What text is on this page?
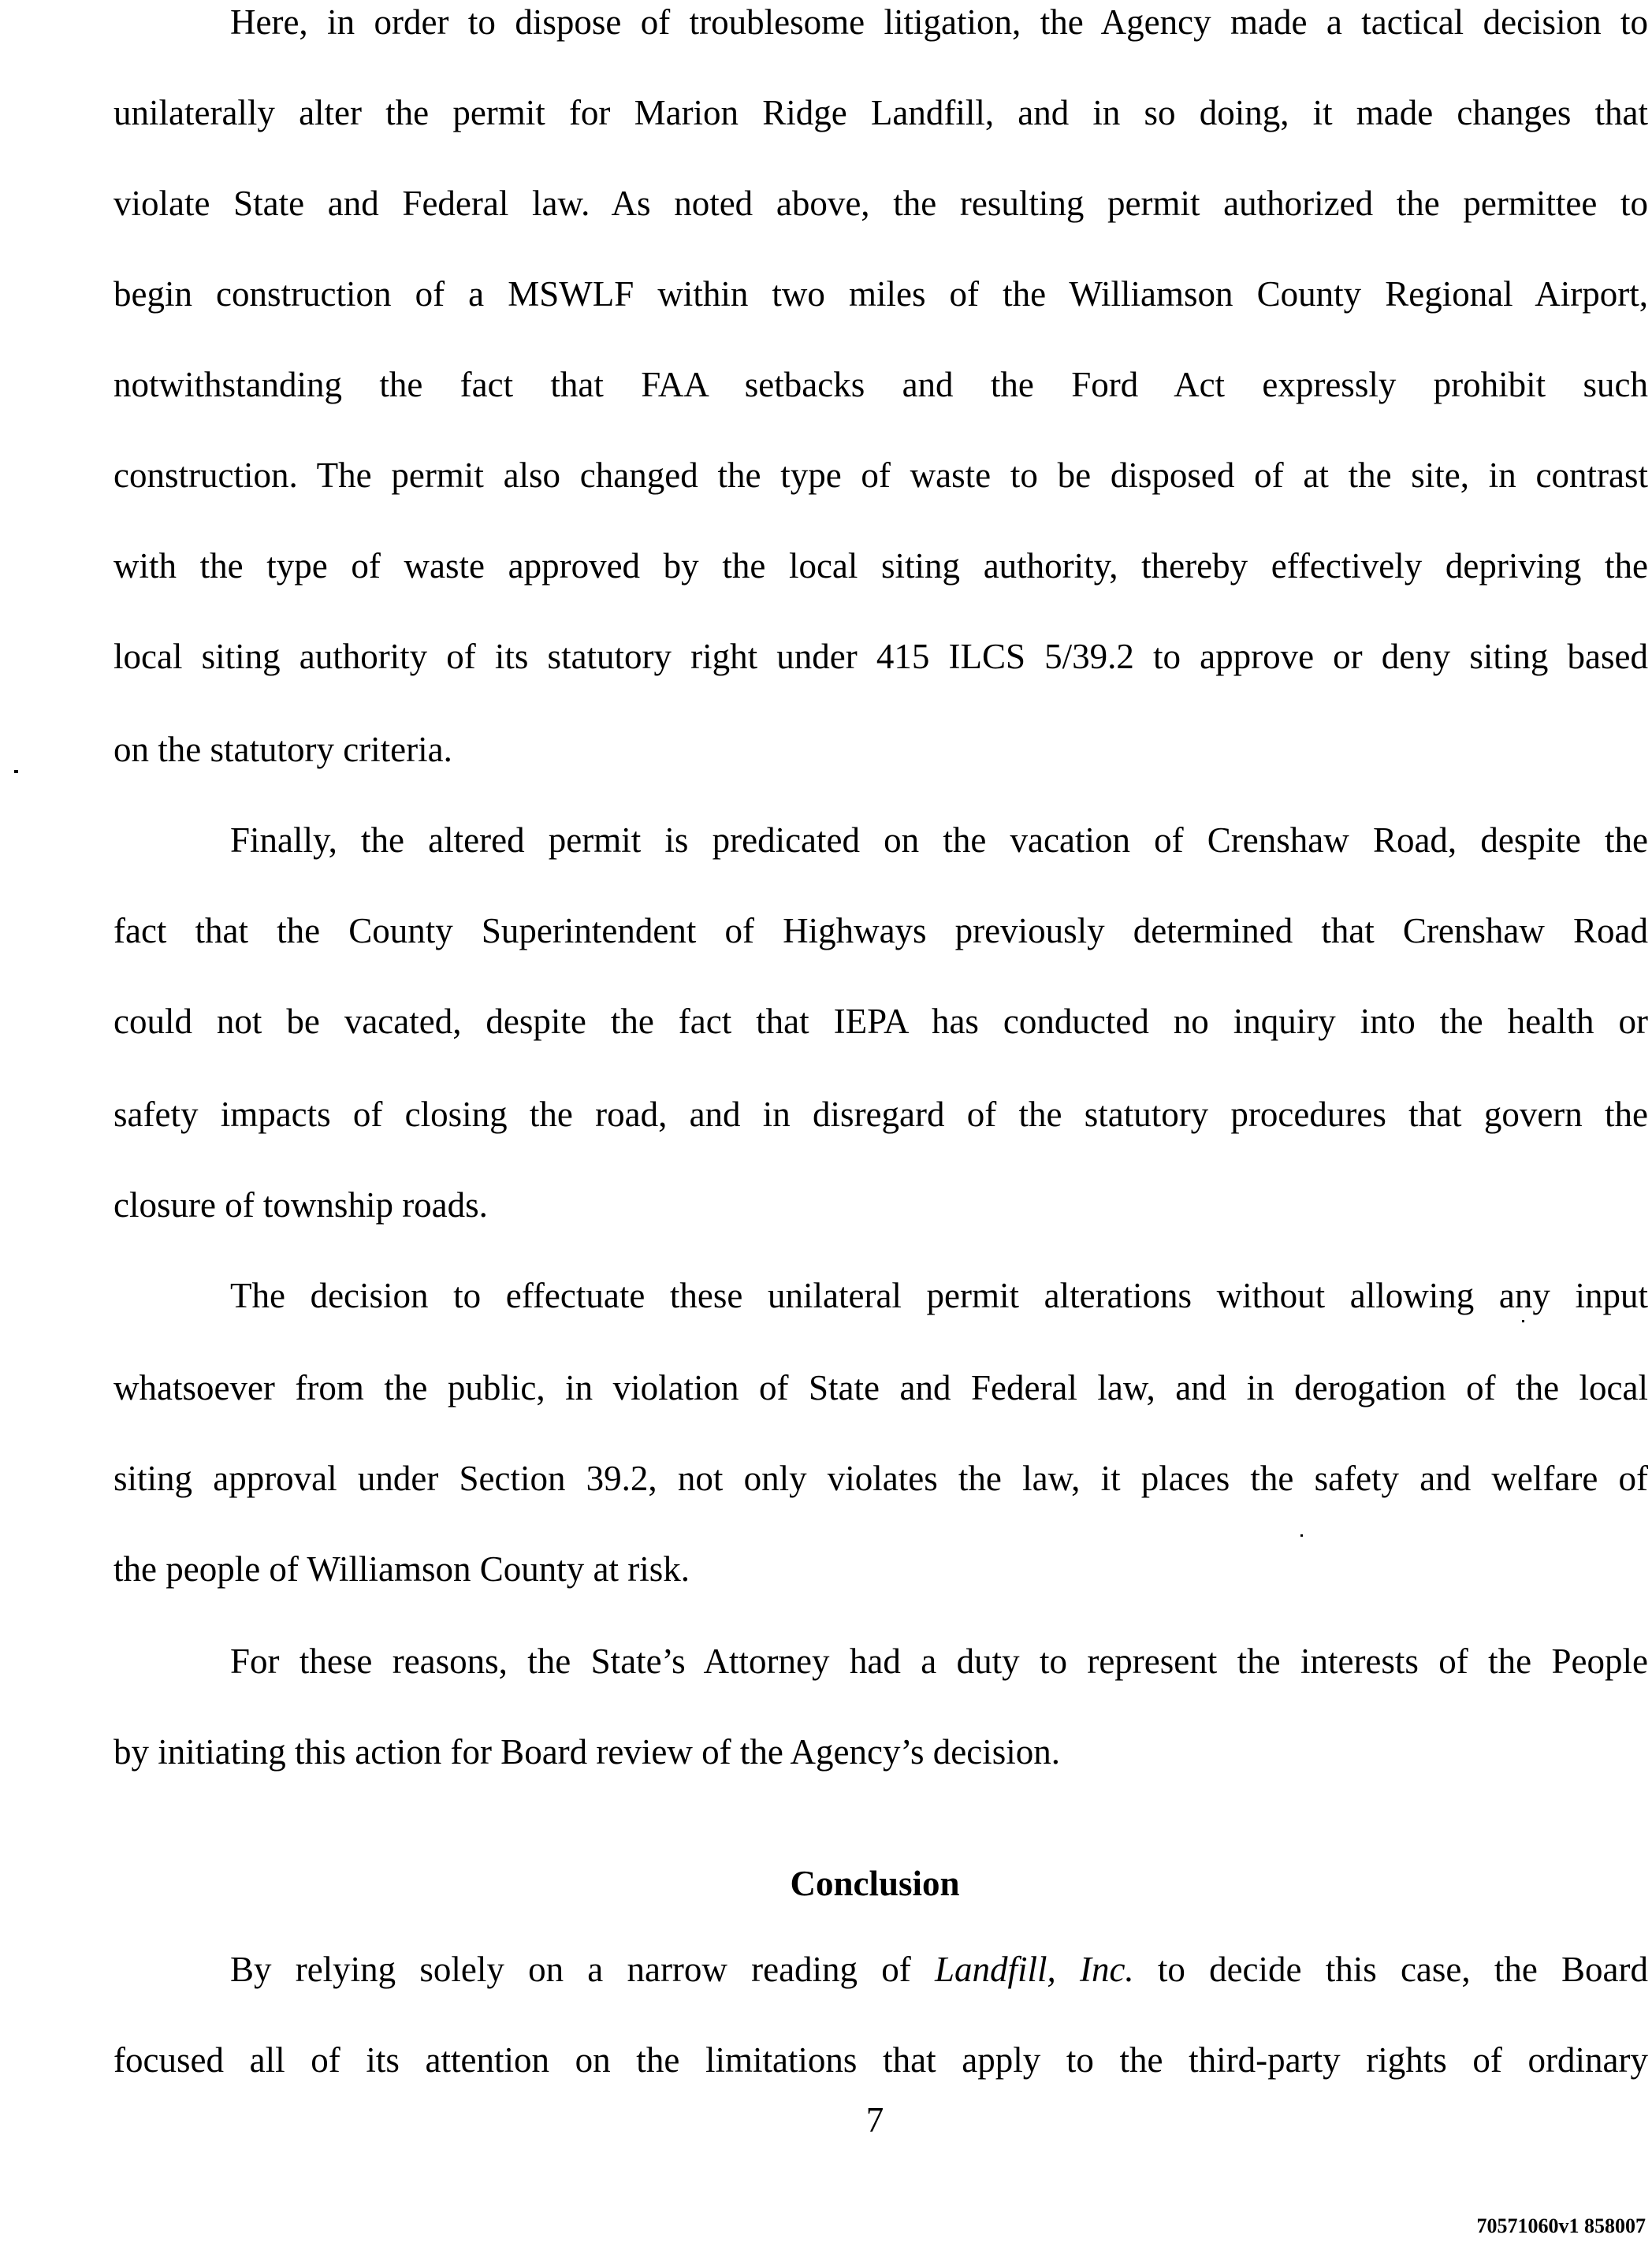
Here, in order to dispose of troublesome litigation, the Agency made a tactical decision to
unilaterally alter the permit for Marion Ridge Landfill, and in so doing, it made changes that
violate State and Federal law. As noted above, the resulting permit authorized the permittee to
begin construction of a MSWLF within two miles of the Williamson County Regional Airport,
notwithstanding the fact that FAA setbacks and the Ford Act expressly prohibit such
construction. The permit also changed the type of waste to be disposed of at the site, in contrast
with the type of waste approved by the local siting authority, thereby effectively depriving the
local siting authority of its statutory right under 415 ILCS 5/39.2 to approve or deny siting based
on the statutory criteria.
Finally, the altered permit is predicated on the vacation of Crenshaw Road, despite the
fact that the County Superintendent of Highways previously determined that Crenshaw Road
could not be vacated, despite the fact that IEPA has conducted no inquiry into the health or
safety impacts of closing the road, and in disregard of the statutory procedures that govern the
closure of township roads.
The decision to effectuate these unilateral permit alterations without allowing any input
whatsoever from the public, in violation of State and Federal law, and in derogation of the local
siting approval under Section 39.2, not only violates the law, it places the safety and welfare of
the people of Williamson County at risk.
For these reasons, the State’s Attorney had a duty to represent the interests of the People
by initiating this action for Board review of the Agency’s decision.
Conclusion
By relying solely on a narrow reading of Landfill, Inc. to decide this case, the Board
focused all of its attention on the limitations that apply to the third-party rights of ordinary
7
70571060v1 858007
